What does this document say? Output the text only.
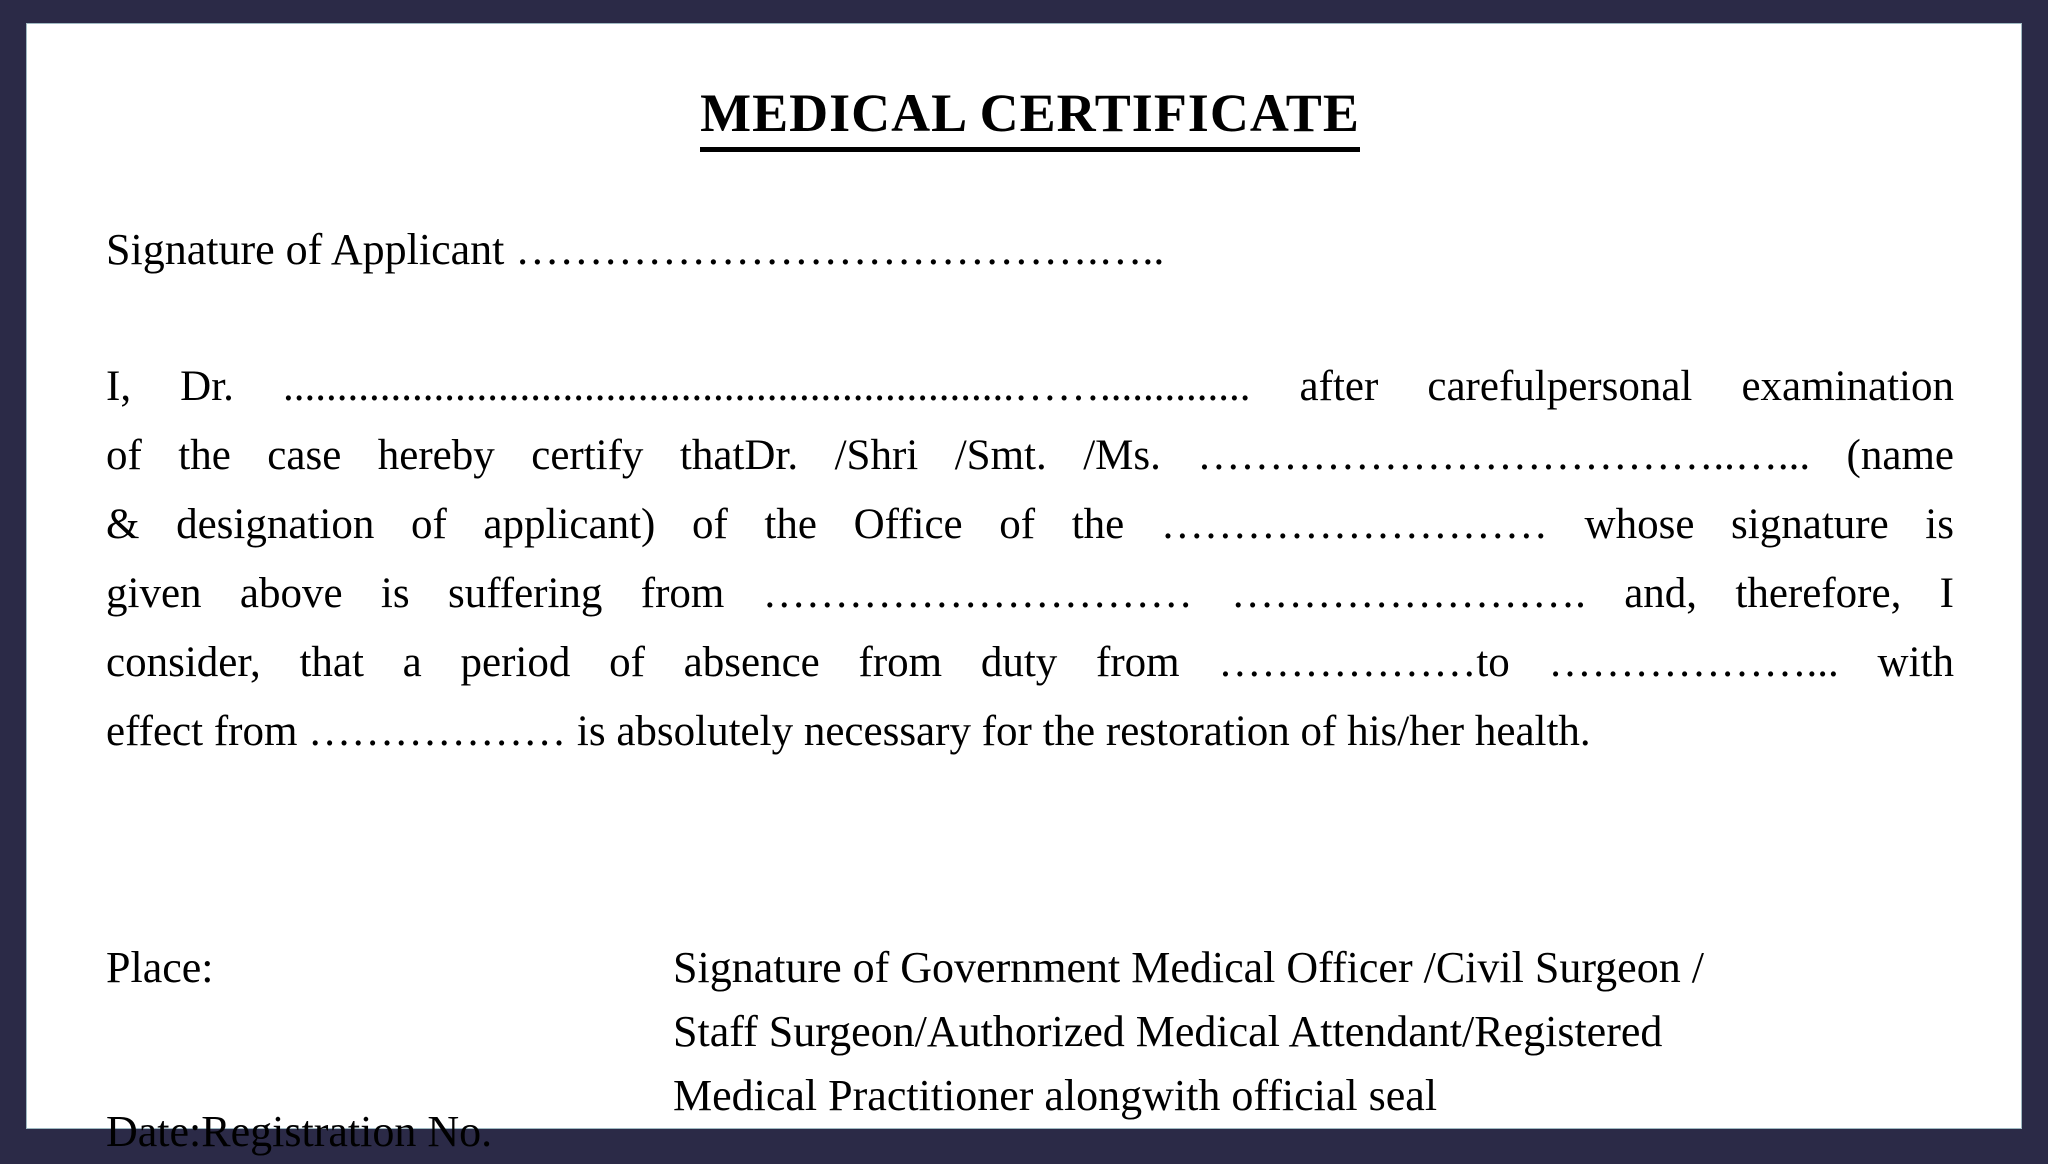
MEDICAL CERTIFICATE
Signature of Applicant ………………………………….…..
I, Dr. ....................................................................…….............. after carefulpersonal examination
of the case hereby certify thatDr. /Shri /Smt. /Ms. ………………………………..…... (name
& designation of applicant) of the Office of the ……………………… whose signature is
given above is suffering from ………………………… ……………………. and, therefore, I
consider, that a period of absence from duty from ………………to ………………... with
effect from ……………… is absolutely necessary for the restoration of his/her health.
Place:
Date:Registration No.
Signature of Government Medical Officer /Civil Surgeon /
Staff Surgeon/Authorized Medical Attendant/Registered
Medical Practitioner alongwith official seal
